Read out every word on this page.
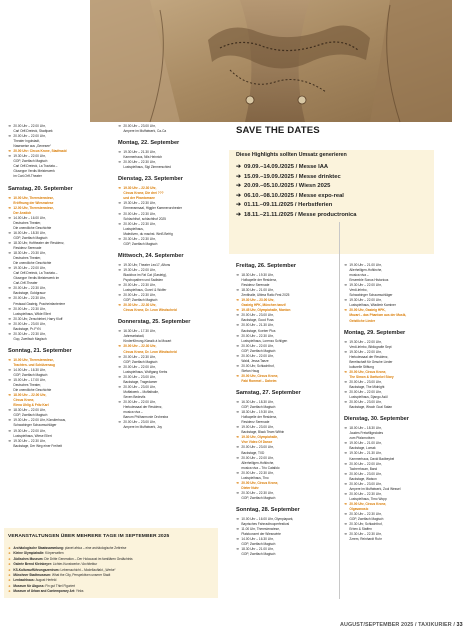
➔ 20.00 Uhr – 22.00 Uhr,
Carl Orff-Dreieck, Stadtpark
➔ 20.00 Uhr – 22.00 Uhr,
Theater Ingolstadt,
Naseweise aus „Genesee“
➔ 20.00 Uhr: Circus Krone, Stadtwaid
➔ 19.30 Uhr – 22.00 Uhr,
GOP, Zweifach Magisch
Carl Orff-Dreieck, La Traviata –
Giuseppe Verdis Meisterwerk
im Carl-Orff-Theater
Samstag, 20. September
➔ 10.00 Uhr, Theresienwiese,
Eröffnung der Wiesnwiese
➔ 12.00 Uhr, Theresienwiese,
Der Anstich
➔ 14.00 Uhr – 16.00 Uhr,
Deutsches Theater,
Die unendliche Geschichte
➔ 16.00 Uhr – 18.30 Uhr,
GOP, Zweifach Magisch
➔ 18.30 Uhr, Hoftheater der Residenz,
Residenz Serenade
➔ 18.30 Uhr – 20.30 Uhr,
Deutsches Theater,
Die unendliche Geschichte
➔ 19.30 Uhr – 22.00 Uhr,
Carl Orff-Dreieck, La Traviata –
Giuseppe Verdis Meisterwerk im
Carl-Orff-Theater
➔ 20.00 Uhr – 22.30 Uhr,
Backstage, Goldgrauw
➔ 20.00 Uhr – 22.30 Uhr,
Festsaal Gasteig, Pracheinfanteriere
➔ 20.00 Uhr – 22.30 Uhr,
Lustspielhaus, Wilde Ellert
➔ 20.30 Uhr, Zerschlebet, Harry Kluff
➔ 20.00 Uhr – 23.00 Uhr,
Backstage, Pr-FYN
➔ 20.30 Uhr – 22.30 Uhr,
Gop, Zweifach Magisch
Sonntag, 21. September
➔ 10.00 Uhr, Theresienwiese,
Trachten- und Schützenzug
➔ 14.00 Uhr – 16.30 Uhr,
GOP, Zweifach Magisch
➔ 15.00 Uhr – 17.00 Uhr,
Deutsches Theater,
Die unendliche Geschichte
➔ 18.00 Uhr – 22.00 Uhr,
Circus Krone,
Elena Uhlig & Fritz Karl
➔ 18.30 Uhr – 22.00 Uhr,
GOP, Zweifach Magisch
➔ 19.30 Uhr – 22.00 Uhr, Künstlerhaus,
Schwabinger Schaumschläger
➔ 19.30 Uhr – 22.00 Uhr,
Lustspielhaus, Wiese Ellert
➔ 19.30 Uhr – 22.30 Uhr,
Backstage, Der Weg einer Freiheit
➔ 20.00 Uhr – 23.00 Uhr,
Ampere im Muffatwerk, Ca-Ca
Montag, 22. September
➔ 19.30 Uhr – 21.30 Uhr,
Kammerhaus, Nils Heinrich
➔ 20.00 Uhr – 22.30 Uhr,
Lustspielhaus, Sigi Zimmerschied
Dienstag, 23. September
➔ 19.30 Uhr – 22.30 Uhr,
Circus Krone, Die drei ???
und der Phantomsee
➔ 19.30 Uhr – 22.30 Uhr,
Emmeramsaal, Higgler Kammerorchester
➔ 20.00 Uhr – 22.30 Uhr,
Schlachthof, schlachthof 2025
➔ 20.00 Uhr – 22.30 Uhr,
Lustspielhaus,
Malediven, du machst. Weiß Befrig
➔ 20.30 Uhr – 22.30 Uhr,
GOP, Zweifach Magisch
Mittwoch, 24. September
➔ 19.30 Uhr, Theater Leo17, Alfons
➔ 19.30 Uhr – 22.00 Uhr,
Blackbox im Fat Cat (Gasteig),
Psychopathen und Sadisten
➔ 20.00 Uhr – 22.30 Uhr,
Lustspielhaus, Gunn! & Wolfer
➔ 20.00 Uhr – 22.30 Uhr,
GOP, Zweifach Magisch
➔ 20.30 Uhr – 22.30 Uhr,
Circus Krone, Dr. Leon Windscheid
Donnerstag, 25. September
➔ 16.30 Uhr – 17.30 Uhr,
Jahrmarkstadl,
Kinderführung-Klassik à la Mozart
➔ 20.00 Uhr – 22.30 Uhr,
Circus Krone, Dr. Leon Windscheid
➔ 20.00 Uhr – 22.30 Uhr,
GOP, Zweifach Magisch
➔ 20.00 Uhr – 22.00 Uhr,
Lustspielhaus, Wolfgang Krebs
➔ 20.00 Uhr – 23.00 Uhr,
Backstage, Tragedamer
➔ 20.00 Uhr – 23.00 Uhr,
Muffatwerk – Muffathalle,
Seven Bedevils
➔ 20.00 Uhr – 22.00 Uhr,
Herkulessaal der Residenz,
musica viva –
Baeurn Philharmonie Orchestra
➔ 20.00 Uhr – 23.00 Uhr,
Ampere im Muffatwerk, Joy
SAVE THE DATES
Diese Highlights sollten Umsatz generieren
➔ 09.09.–14.09./2025 / Messe IAA
➔ 15.09.–19.09./2025 / Messe drinktec
➔ 20.09.–05.10./2025 / Wiesn 2025
➔ 06.10.–08.10./2025 / Messe expo-real
➔ 01.11.–09.11./2025 / Herbstferien
➔ 18.11.–21.11./2025 / Messe productronica
Freitag, 26. September
➔ 18.30 Uhr – 19.30 Uhr,
Hofkapelle der Residenz,
Residenz Serenade
➔ 18.30 Uhr – 21.00 Uhr,
Zenithalle, Ultima Ratio Fest 2025
➔ 19.30 Uhr – 23.00 Uhr,
Gasteig HPK, München tanzt!
➔ 19.45 Uhr, Olympiahalle, Monton
➔ 20.00 Uhr – 23.00 Uhr,
Backstage, Good Fuss
➔ 20.00 Uhr – 21.30 Uhr,
Backstage, Koeber Plus
➔ 20.00 Uhr – 22.30 Uhr,
Lustspielhaus, Lorenzo Schligen
➔ 20.00 Uhr – 22.00 Uhr,
GOP, Zweifach Magisch
➔ 20.00 Uhr – 22.00 Uhr,
Waldi, Jessa Taeze
➔ 20.00 Uhr, Schlachthof,
Stefan Haug
➔ 20.00 Uhr, Circus Krone,
Fabi Rommel – Daheim
Samstag, 27. September
➔ 16.30 Uhr – 18.30 Uhr,
GOP, Zweifach Magisch
➔ 18.30 Uhr – 19.30 Uhr,
Hofkapelle der Residenz,
Residenz Serenade
➔ 19.00 Uhr – 23.00 Uhr,
Backstage, Black Team Within
➔ 19.30 Uhr, Olympiahalle,
Vive Video Of Dance
➔ 20.00 Uhr – 23.00 Uhr,
Backstage, TXD
➔ 20.00 Uhr – 22.00 Uhr,
Allerheiligen-Hofkirche,
musica viva – Trio Catalido
➔ 20.00 Uhr – 22.30 Uhr,
Lustspielhaus, Tino
➔ 20.00 Uhr, Circus Krone,
Dieter Nuhr
➔ 20.30 Uhr – 22.30 Uhr,
GOP, Zweifach Magisch
Sonntag, 28. September
➔ 10.00 Uhr – 16.00 Uhr, Olympiapark,
Bayrisches Fahrradtrooperfestival
➔ 11.00 Uhr, Theresienwiese,
Platzkonzert der Wiesnwirte
➔ 14.00 Uhr – 16.30 Uhr,
GOP, Zweifach Magisch
➔ 18.30 Uhr – 21.00 Uhr,
GOP, Zweifach Magisch
➔ 19.00 Uhr – 21.00 Uhr,
Allerheiligen-Hofkirche,
musica viva –
Ensemble Sonus Historicus
➔ 19.30 Uhr – 22.00 Uhr,
Verdi-lehrbo,
Schwabinger Schaumschläger
➔ 19.30 Uhr – 22.00 Uhr,
Lustspielhaus, Wladimir Kaminer
➔ 20.00 Uhr, Gasteig HPK,
Mozart – das Phantom aus der Musik,
Geistliche Lieder
Montag, 29. September
➔ 19.30 Uhr – 22.00 Uhr,
Verdi-lehrbo, Bibliografie Sept
➔ 19.30 Uhr – 22.00 Uhr,
Herkulessaal der Residenz,
Bereitschaft für Gesche Lieder
kulturelle Stiftung
➔ 20.00 Uhr, Circus Krone,
The Simon & Garfunkel Story
➔ 20.00 Uhr – 23.00 Uhr,
Backstage, The Midnight
➔ 20.00 Uhr – 22.00 Uhr,
Lustspielhaus, Django Asül
➔ 20.00 Uhr – 23.00 Uhr,
Backstage, Wrach Goal Satan
Dienstag, 30. September
➔ 18.00 Uhr – 18.30 Uhr,
Jaudes Freiwilligeckdes
zum Pfalzmotiven
➔ 19.00 Uhr – 21.00 Uhr,
Backstage, Lomak
➔ 19.30 Uhr – 21.30 Uhr,
Kammerhaus, David Badbeybel
➔ 20.00 Uhr – 22.00 Uhr,
Tacherrhaum, Band
➔ 20.00 Uhr – 23.00 Uhr,
Backstage, Watson
➔ 20.00 Uhr – 23.00 Uhr,
Ampere im Muffatwerk, Zool Wessel
➔ 20.00 Uhr – 22.30 Uhr,
Lustspielhaus, Timo Wopp
➔ 20.00 Uhr, Circus Krone,
Olgavanosic
➔ 20.30 Uhr – 22.30 Uhr,
GOP, Zweifach Magisch
➔ 20.30 Uhr, Schlachthof,
Erben & Staffen
➔ 20.30 Uhr – 22.30 Uhr,
Zzrem, Reinhardt Ruhr
VERANSTALTUNGEN ÜBER MEHRERE TAGE IM SEPTEMBER 2025
➔ Archäologische Staatssammlung:
planet africa – eine archäologische Zeitreise
➔ Kleine Olympiahalle:
Körperwelten
➔ Jüdisches Museum:
Die Dritte Generation – Der Holocaust im familiären Gedächtnis
➔ Galerie Bernd Kleinbeyer:
Lichter-Kunstwerke / Architektur
➔ KS-Kulturaufführungszentrum:
Lebensschicht – Modellauftakt, „Werke“
➔ Münchner Stadtmuseum:
What the City, Perspektiven unserer Stadt
➔ Lenbachhaus:
August Herfeld
➔ Museum für Abguss:
Fin gut Thiel Figuriert
➔ Museum of Urban and Contemporary Art:
Yinks
AUGUST/SEPTEMBER 2025 / TAXIKURIER / 33
